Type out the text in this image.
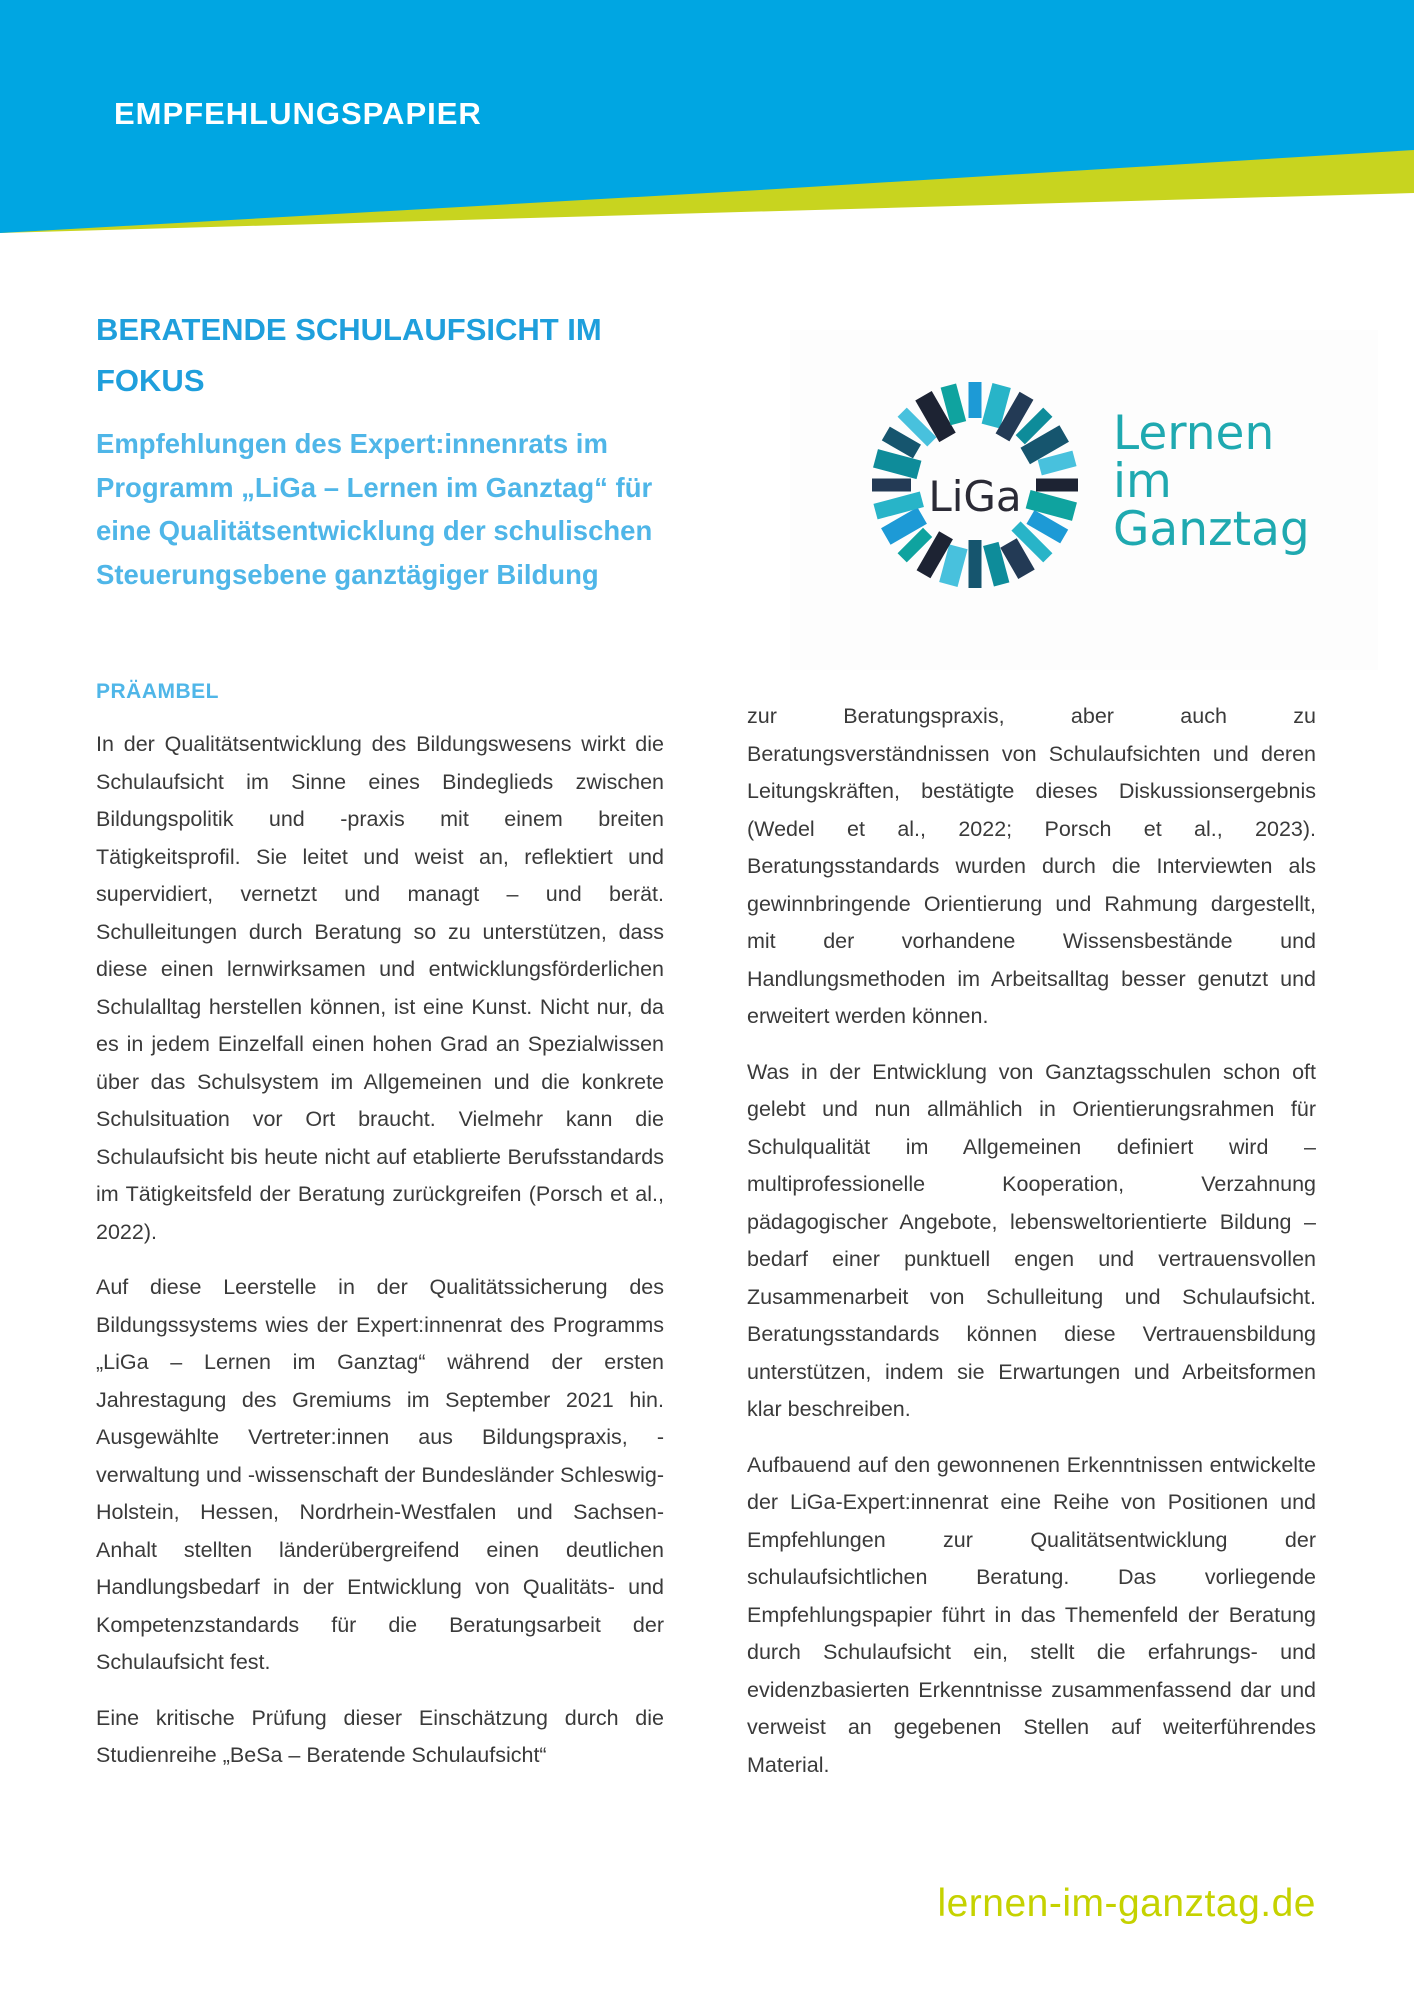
EMPFEHLUNGSPAPIER
BERATENDE SCHULAUFSICHT IM FOKUS
Empfehlungen des Expert:innenrats im Programm „LiGa – Lernen im Ganztag“ für eine Qualitätsentwicklung der schulischen Steuerungsebene ganztägiger Bildung
LiGa
Lernen
im
Ganztag
PRÄAMBEL

In der Qualitätsentwicklung des Bildungswesens wirkt die Schulaufsicht im Sinne eines Bindeglieds zwischen Bildungspolitik und -praxis mit einem breiten Tätigkeitsprofil. Sie leitet und weist an, reflektiert und supervidiert, vernetzt und managt – und berät. Schulleitungen durch Beratung so zu unterstützen, dass diese einen lernwirksamen und entwicklungsförderlichen Schulalltag herstellen können, ist eine Kunst. Nicht nur, da es in jedem Einzelfall einen hohen Grad an Spezialwissen über das Schulsystem im Allgemeinen und die konkrete Schulsituation vor Ort braucht. Vielmehr kann die Schulaufsicht bis heute nicht auf etablierte Berufsstandards im Tätigkeitsfeld der Beratung zurückgreifen (Porsch et al., 2022).

Auf diese Leerstelle in der Qualitätssicherung des Bildungssystems wies der Expert:innenrat des Programms „LiGa – Lernen im Ganztag“ während der ersten Jahrestagung des Gremiums im September 2021 hin. Ausgewählte Vertreter:innen aus Bildungspraxis, -verwaltung und -wissenschaft der Bundesländer Schleswig-Holstein, Hessen, Nordrhein-Westfalen und Sachsen-Anhalt stellten länderübergreifend einen deutlichen Handlungsbedarf in der Entwicklung von Qualitäts- und Kompetenzstandards für die Beratungsarbeit der Schulaufsicht fest.

Eine kritische Prüfung dieser Einschätzung durch die Studienreihe „BeSa – Beratende Schulaufsicht“

zur Beratungspraxis, aber auch zu Beratungsverständnissen von Schulaufsichten und deren Leitungskräften, bestätigte dieses Diskussionsergebnis (Wedel et al., 2022; Porsch et al., 2023). Beratungsstandards wurden durch die Interviewten als gewinnbringende Orientierung und Rahmung dargestellt, mit der vorhandene Wissensbestände und Handlungsmethoden im Arbeitsalltag besser genutzt und erweitert werden können.

Was in der Entwicklung von Ganztagsschulen schon oft gelebt und nun allmählich in Orientierungsrahmen für Schulqualität im Allgemeinen definiert wird – multiprofessionelle Kooperation, Verzahnung pädagogischer Angebote, lebensweltorientierte Bildung – bedarf einer punktuell engen und vertrauensvollen Zusammenarbeit von Schulleitung und Schulaufsicht. Beratungsstandards können diese Vertrauensbildung unterstützen, indem sie Erwartungen und Arbeitsformen klar beschreiben.

Aufbauend auf den gewonnenen Erkenntnissen entwickelte der LiGa-Expert:innenrat eine Reihe von Positionen und Empfehlungen zur Qualitätsentwicklung der schulaufsichtlichen Beratung. Das vorliegende Empfehlungspapier führt in das Themenfeld der Beratung durch Schulaufsicht ein, stellt die erfahrungs- und evidenzbasierten Erkenntnisse zusammenfassend dar und verweist an gegebenen Stellen auf weiterführendes Material.

lernen-im-ganztag.de
